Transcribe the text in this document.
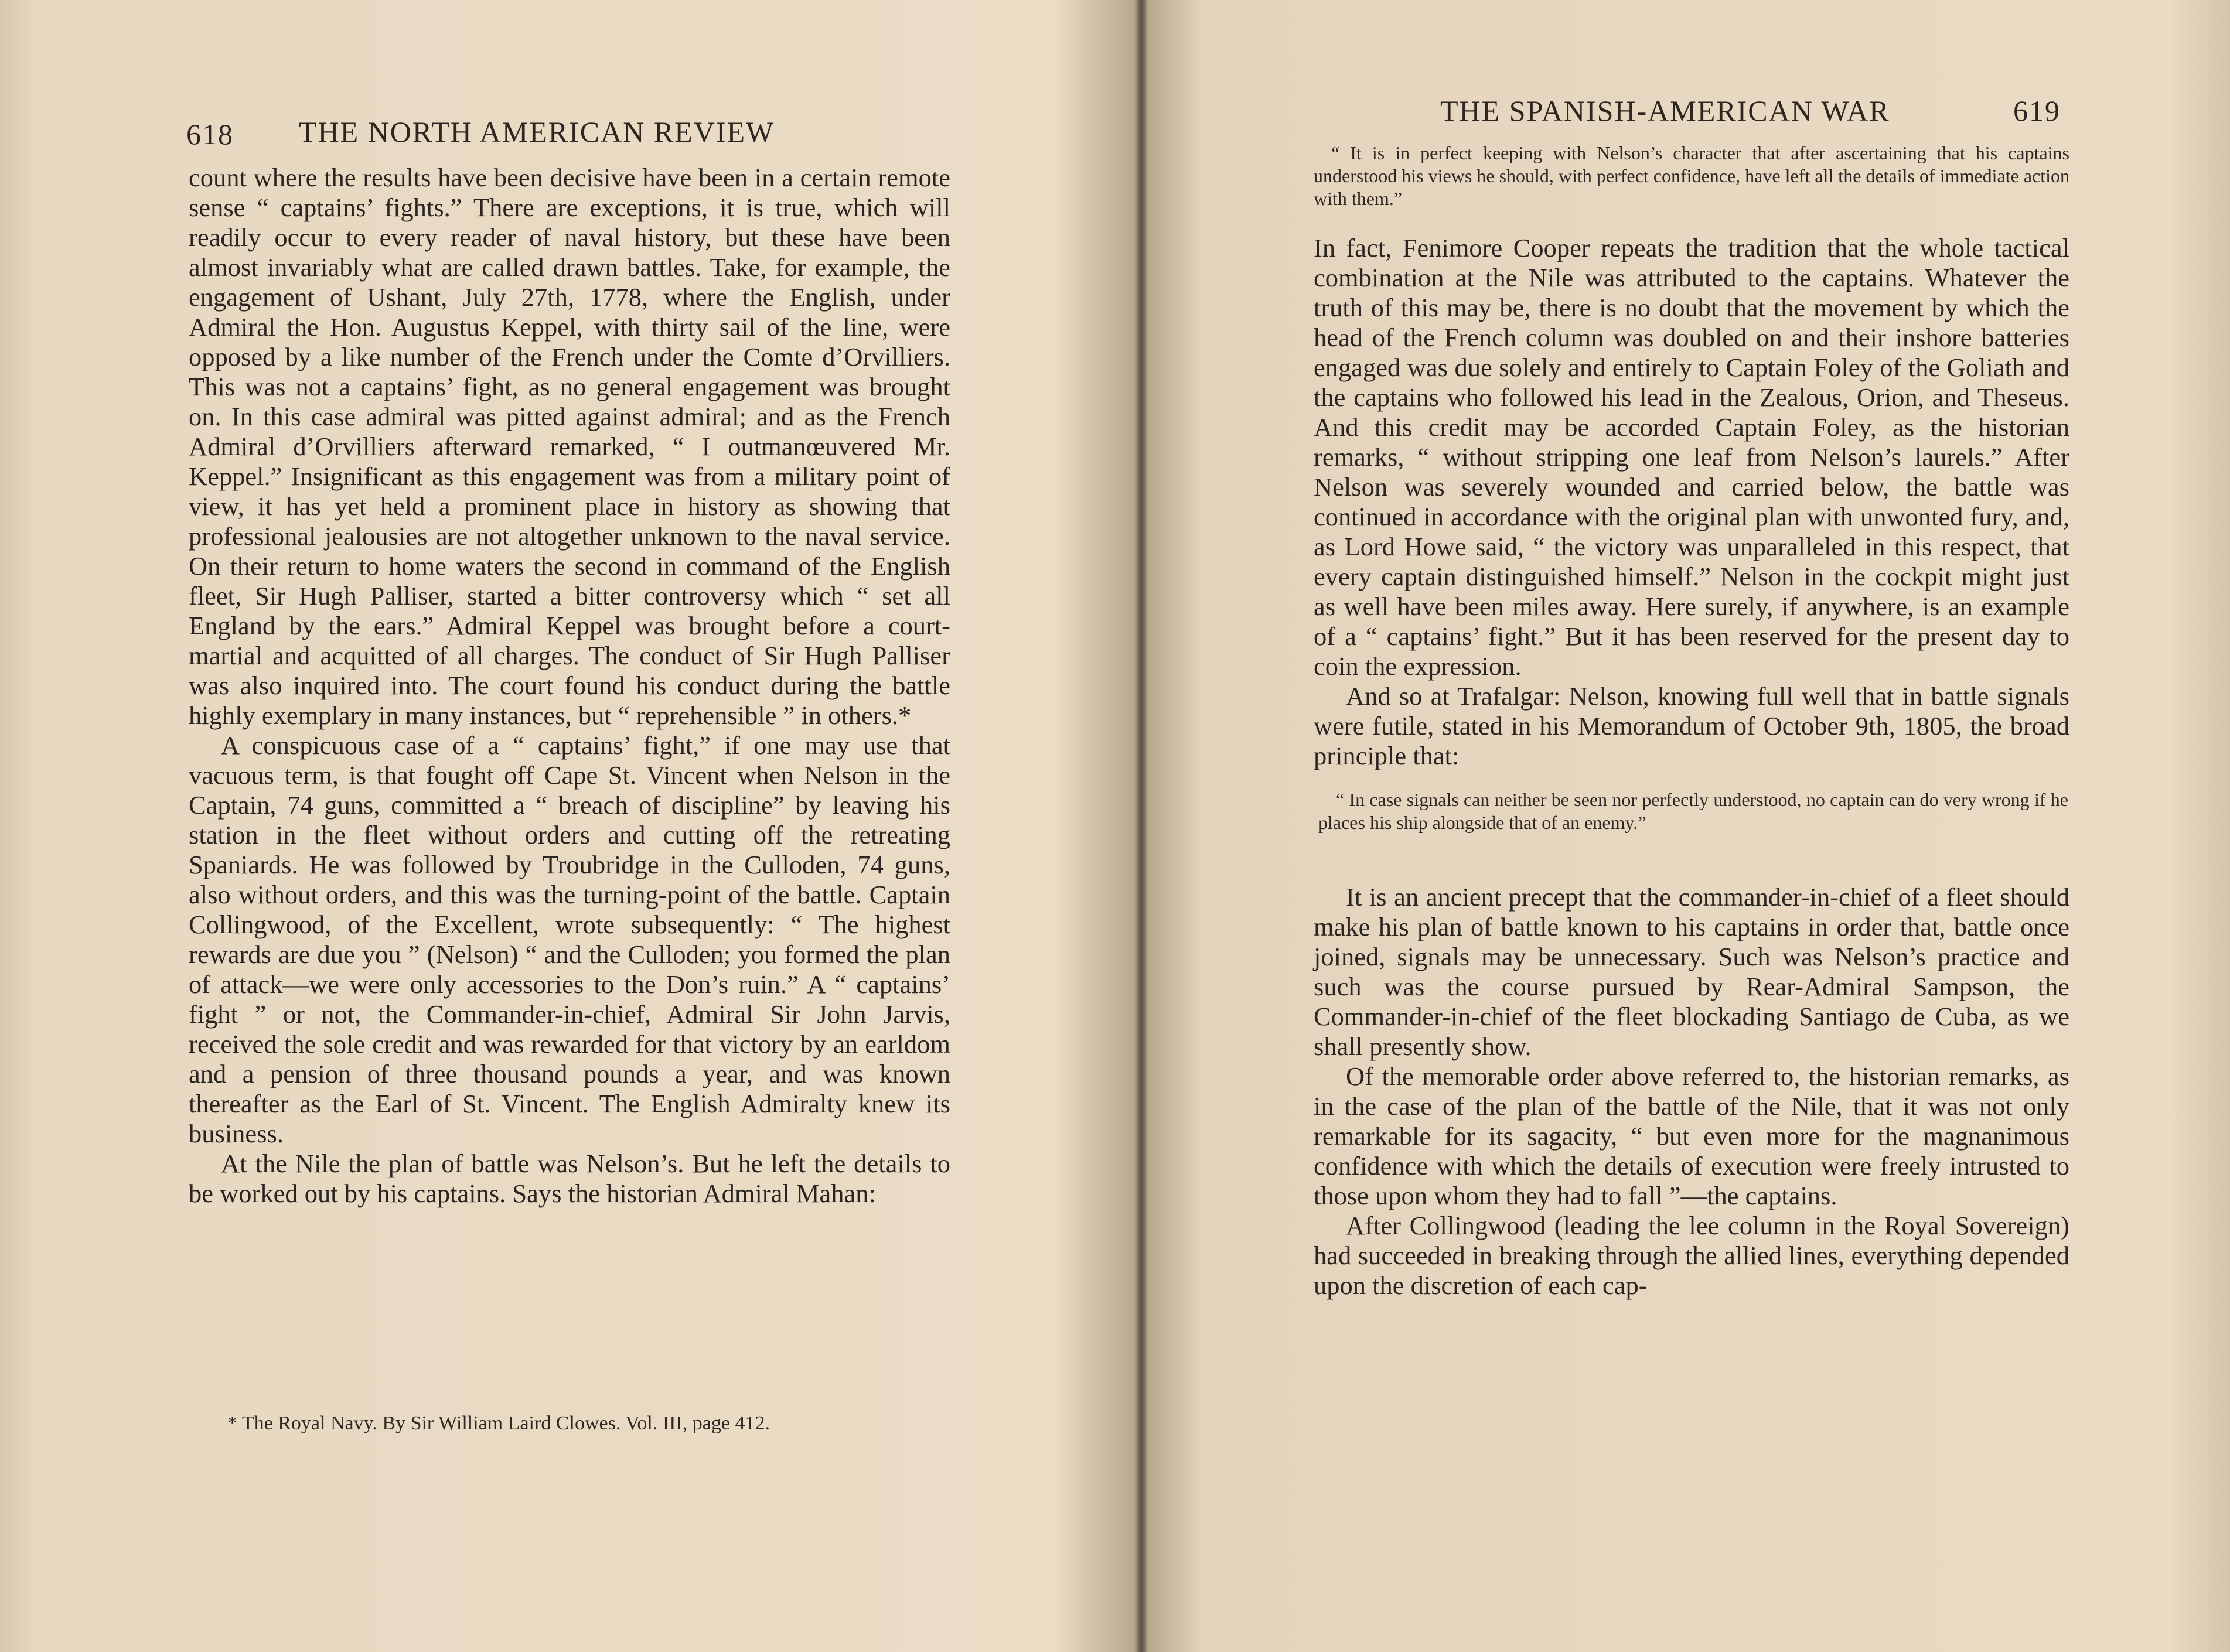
618 THE NORTH AMERICAN REVIEW

count where the results have been decisive have been in a certain remote sense “ captains’ fights.” There are exceptions, it is true, which will readily occur to every reader of naval history, but these have been almost invariably what are called drawn battles. Take, for example, the engagement of Ushant, July 27th, 1778, where the English, under Admiral the Hon. Augustus Keppel, with thirty sail of the line, were opposed by a like number of the French under the Comte d’Orvilliers. This was not a captains’ fight, as no general engagement was brought on. In this case admiral was pitted against admiral; and as the French Admiral d’Orvilliers afterward remarked, “ I outmanœuvered Mr. Keppel.” Insignificant as this engagement was from a military point of view, it has yet held a prominent place in history as showing that professional jealousies are not altogether unknown to the naval service. On their return to home waters the second in command of the English fleet, Sir Hugh Palliser, started a bitter controversy which “ set all England by the ears.” Admiral Keppel was brought before a court-martial and acquitted of all charges. The conduct of Sir Hugh Palliser was also inquired into. The court found his conduct during the battle highly exemplary in many instances, but “ reprehensible ” in others.*

A conspicuous case of a “ captains’ fight,” if one may use that vacuous term, is that fought off Cape St. Vincent when Nelson in the Captain, 74 guns, committed a “ breach of discipline” by leaving his station in the fleet without orders and cutting off the retreating Spaniards. He was followed by Troubridge in the Culloden, 74 guns, also without orders, and this was the turning-point of the battle. Captain Collingwood, of the Excellent, wrote subsequently: “ The highest rewards are due you ” (Nelson) “ and the Culloden; you formed the plan of attack—we were only accessories to the Don’s ruin.” A “ captains’ fight ” or not, the Commander-in-chief, Admiral Sir John Jarvis, received the sole credit and was rewarded for that victory by an earldom and a pension of three thousand pounds a year, and was known thereafter as the Earl of St. Vincent. The English Admiralty knew its business.

At the Nile the plan of battle was Nelson’s. But he left the details to be worked out by his captains. Says the historian Admiral Mahan:

* The Royal Navy. By Sir William Laird Clowes. Vol. III, page 412.
THE SPANISH-AMERICAN WAR	619
“ It is in perfect keeping with Nelson’s character that after ascertaining that his captains understood his views he should, with perfect confidence, have left all the details of immediate action with them.”

In fact, Fenimore Cooper repeats the tradition that the whole tactical combination at the Nile was attributed to the captains. Whatever the truth of this may be, there is no doubt that the movement by which the head of the French column was doubled on and their inshore batteries engaged was due solely and entirely to Captain Foley of the Goliath and the captains who followed his lead in the Zealous, Orion, and Theseus. And this credit may be accorded Captain Foley, as the historian remarks, “ without stripping one leaf from Nelson’s laurels.” After Nelson was severely wounded and carried below, the battle was continued in accordance with the original plan with unwonted fury, and, as Lord Howe said, “ the victory was unparalleled in this respect, that every captain distinguished himself.” Nelson in the cockpit might just as well have been miles away. Here surely, if anywhere, is an example of a “ captains’ fight.” But it has been reserved for the present day to coin the expression.

And so at Trafalgar: Nelson, knowing full well that in battle signals were futile, stated in his Memorandum of October 9th, 1805, the broad principle that:

It is an ancient precept that the commander-in-chief of a fleet should make his plan of battle known to his captains in order that, battle once joined, signals may be unnecessary. Such was Nelson’s practice and such was the course pursued by Rear-Admiral Sampson, the Commander-in-chief of the fleet blockading Santiago de Cuba, as we shall presently show.

Of the memorable order above referred to, the historian remarks, as in the case of the plan of the battle of the Nile, that it was not only remarkable for its sagacity, “ but even more for the magnanimous confidence with which the details of execution were freely intrusted to those upon whom they had to fall ”—the captains.

After Collingwood (leading the lee column in the Royal Sovereign) had succeeded in breaking through the allied lines, everything depended upon the discretion of each cap-

“ In case signals can neither be seen nor perfectly understood, no captain can do very wrong if he places his ship alongside that of an enemy.”
